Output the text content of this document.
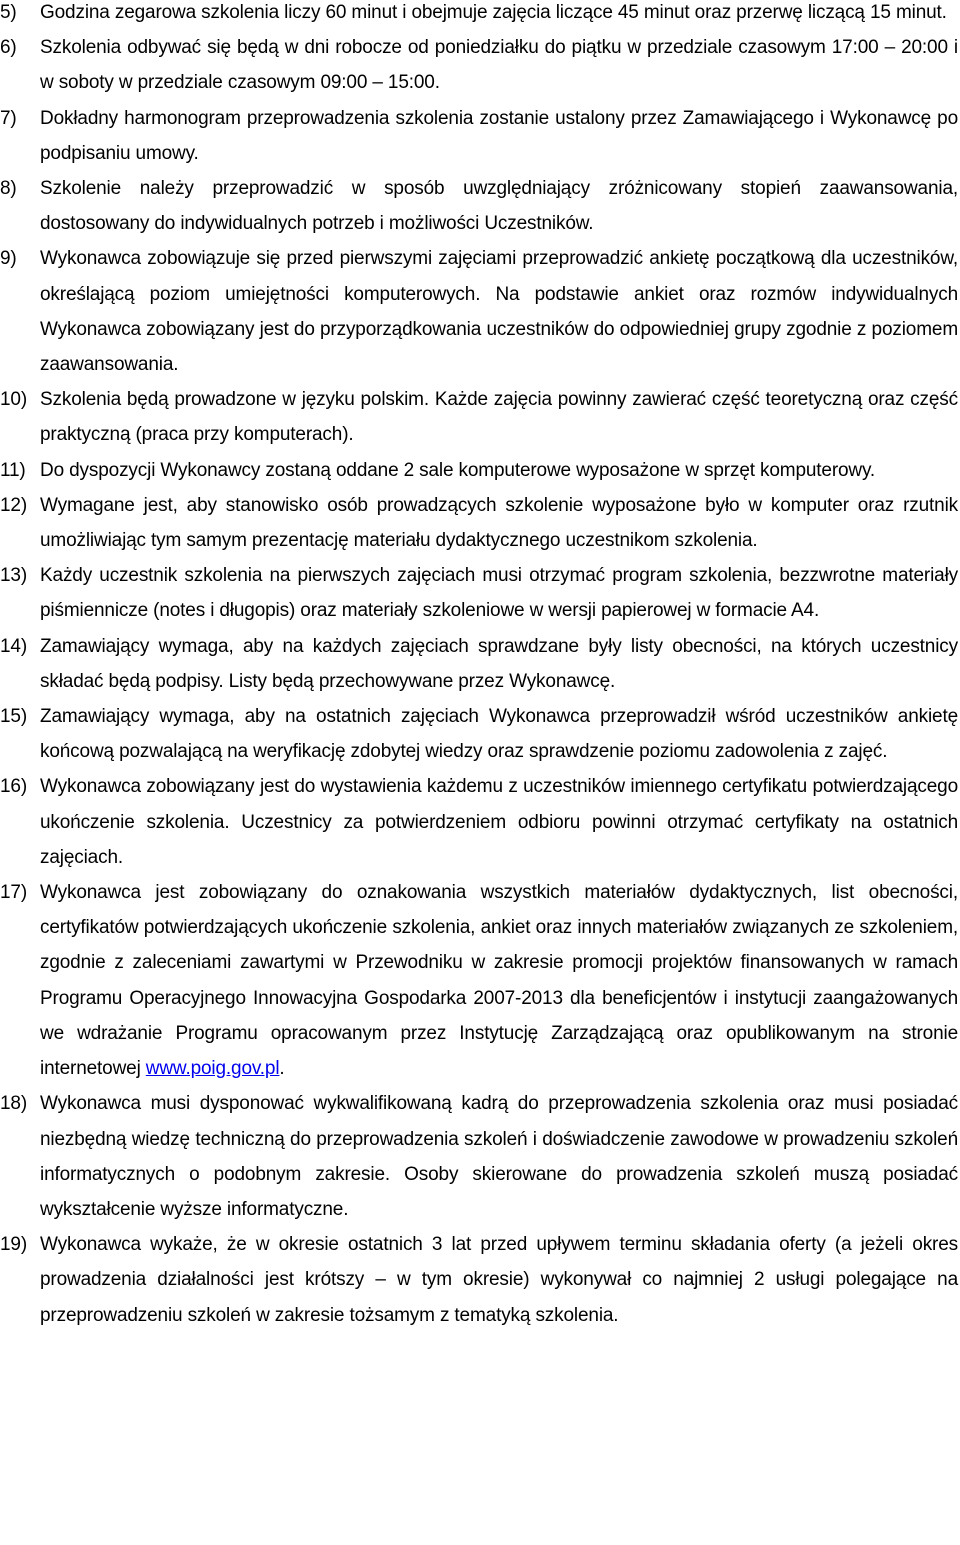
5) Godzina zegarowa szkolenia liczy 60 minut i obejmuje zajęcia liczące 45 minut oraz przerwę liczącą 15 minut.
6) Szkolenia odbywać się będą w dni robocze od poniedziałku do piątku w przedziale czasowym 17:00 – 20:00 i w soboty w przedziale czasowym 09:00 – 15:00.
7) Dokładny harmonogram przeprowadzenia szkolenia zostanie ustalony przez Zamawiającego i Wykonawcę po podpisaniu umowy.
8) Szkolenie należy przeprowadzić w sposób uwzględniający zróżnicowany stopień zaawansowania, dostosowany do indywidualnych potrzeb i możliwości Uczestników.
9) Wykonawca zobowiązuje się przed pierwszymi zajęciami przeprowadzić ankietę początkową dla uczestników, określającą poziom umiejętności komputerowych. Na podstawie ankiet oraz rozmów indywidualnych Wykonawca zobowiązany jest do przyporządkowania uczestników do odpowiedniej grupy zgodnie z poziomem zaawansowania.
10) Szkolenia będą prowadzone w języku polskim. Każde zajęcia powinny zawierać część teoretyczną oraz część praktyczną (praca przy komputerach).
11) Do dyspozycji Wykonawcy zostaną oddane 2 sale komputerowe wyposażone w sprzęt komputerowy.
12) Wymagane jest, aby stanowisko osób prowadzących szkolenie wyposażone było w komputer oraz rzutnik umożliwiając tym samym prezentację materiału dydaktycznego uczestnikom szkolenia.
13) Każdy uczestnik szkolenia na pierwszych zajęciach musi otrzymać program szkolenia, bezzwrotne materiały piśmiennicze (notes i długopis) oraz materiały szkoleniowe w wersji papierowej w formacie A4.
14) Zamawiający wymaga, aby na każdych zajęciach sprawdzane były listy obecności, na których uczestnicy składać będą podpisy. Listy będą przechowywane przez Wykonawcę.
15) Zamawiający wymaga, aby na ostatnich zajęciach Wykonawca przeprowadził wśród uczestników ankietę końcową pozwalającą na weryfikację zdobytej wiedzy oraz sprawdzenie poziomu zadowolenia z zajęć.
16) Wykonawca zobowiązany jest do wystawienia każdemu z uczestników imiennego certyfikatu potwierdzającego ukończenie szkolenia. Uczestnicy za potwierdzeniem odbioru powinni otrzymać certyfikaty na ostatnich zajęciach.
17) Wykonawca jest zobowiązany do oznakowania wszystkich materiałów dydaktycznych, list obecności, certyfikatów potwierdzających ukończenie szkolenia, ankiet oraz innych materiałów związanych ze szkoleniem, zgodnie z zaleceniami zawartymi w Przewodniku w zakresie promocji projektów finansowanych w ramach Programu Operacyjnego Innowacyjna Gospodarka 2007-2013 dla beneficjentów i instytucji zaangażowanych we wdrażanie Programu opracowanym przez Instytucję Zarządzającą oraz opublikowanym na stronie internetowej www.poig.gov.pl.
18) Wykonawca musi dysponować wykwalifikowaną kadrą do przeprowadzenia szkolenia oraz musi posiadać niezbędną wiedzę techniczną do przeprowadzenia szkoleń i doświadczenie zawodowe w prowadzeniu szkoleń informatycznych o podobnym zakresie. Osoby skierowane do prowadzenia szkoleń muszą posiadać wykształcenie wyższe informatyczne.
19) Wykonawca wykaże, że w okresie ostatnich 3 lat przed upływem terminu składania oferty (a jeżeli okres prowadzenia działalności jest krótszy – w tym okresie) wykonywał co najmniej 2 usługi polegające na przeprowadzeniu szkoleń w zakresie tożsamym z tematyką szkolenia.
